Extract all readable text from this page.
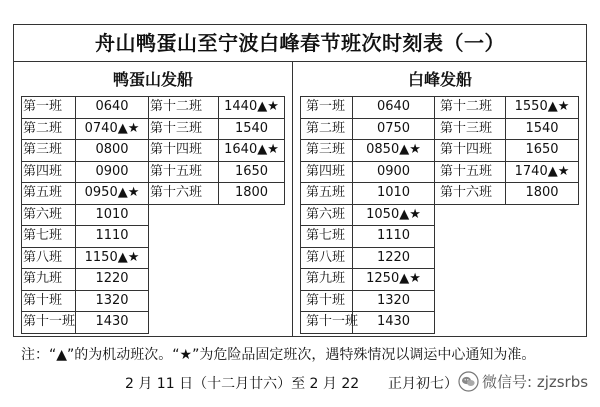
舟山鸭蛋山至宁波白峰春节班次时刻表（一）
鸭蛋山发船	白峰发船
第一班	0640	第十二班	1440▲★
第二班	0740▲★	第十三班	1540
第三班	0800	第十四班	1640▲★
第四班	0900	第十五班	1650
第五班	0950▲★	第十六班	1800
第六班	1010		
第七班	1110		
第八班	1150▲★		
第九班	1220		
第十班	1320		
第十一班	1430		
第一班	0640	第十二班	1550▲★
第二班	0750	第十三班	1540
第三班	0850▲★	第十四班	1650
第四班	0900	第十五班	1740▲★
第五班	1010	第十六班	1800
第六班	1050▲★		
第七班	1110		
第八班	1220		
第九班	1250▲★		
第十班	1320		
第十一班	1430		
注：“▲”的为机动班次。“★”为危险品固定班次，遇特殊情况以调运中心通知为准。
2 月 11 日（十二月廿六）至 2 月 22 正月初七） 微信号: zjzsrbs
